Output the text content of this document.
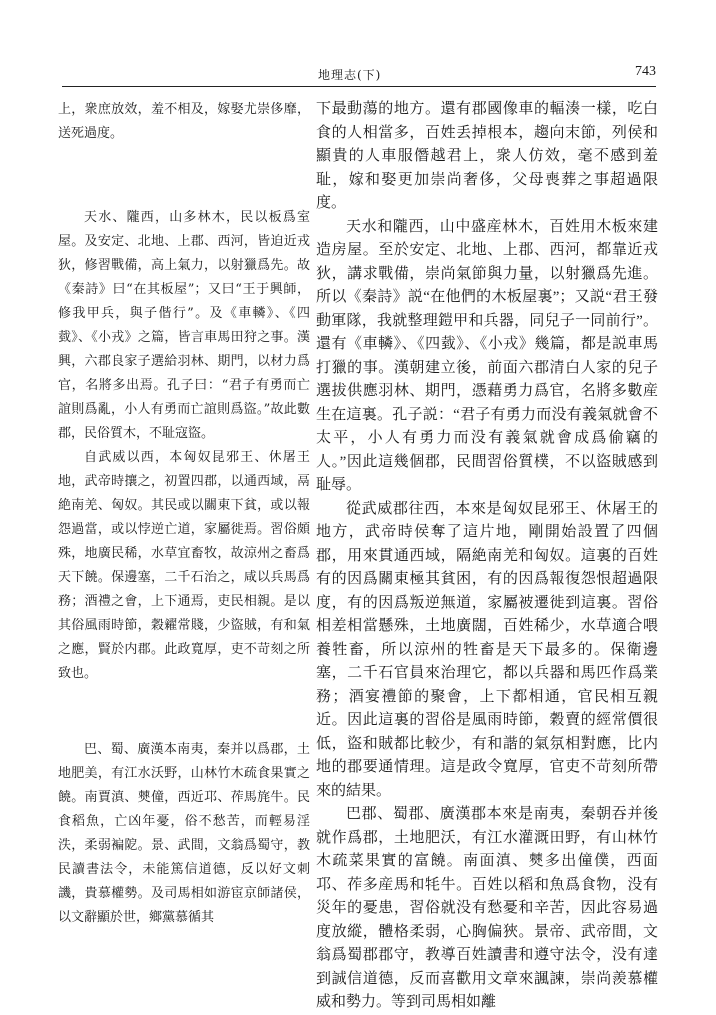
地理志(下)	743

上，衆庶放效，羞不相及，嫁娶尤崇侈靡，送死過度。

天水、隴西，山多林木，民以板爲室屋。及安定、北地、上郡、西河，皆迫近戎狄，修習戰備，高上氣力，以射獵爲先。故《秦詩》曰“在其板屋”；又曰“王于興師，修我甲兵，與子偕行”。及《車轔》、《四臷》、《小戎》之篇，皆言車馬田狩之事。漢興，六郡良家子選給羽林、期門，以材力爲官，名將多出焉。孔子曰：“君子有勇而亡誼則爲亂，小人有勇而亡誼則爲盜。”故此數郡，民俗質木，不耻寇盜。

自武威以西，本匈奴昆邪王、休屠王地，武帝時攘之，初置四郡，以通西域，鬲絶南羌、匈奴。其民或以關東下貧，或以報怨過當，或以悖逆亡道，家屬徙焉。習俗頗殊，地廣民稀，水草宜畜牧，故涼州之畜爲天下饒。保邊塞，二千石治之，咸以兵馬爲務；酒禮之會，上下通焉，吏民相親。是以其俗風雨時節，穀糴常賤，少盜賊，有和氣之應，賢於内郡。此政寬厚，吏不苛刻之所致也。

巴、蜀、廣漢本南夷，秦并以爲郡，土地肥美，有江水沃野，山林竹木疏食果實之饒。南賈滇、僰僮，西近邛、莋馬旄牛。民食稻魚，亡凶年憂，俗不愁苦，而輕易淫泆，柔弱褊阸。景、武間，文翁爲蜀守，教民讀書法令，未能篤信道德，反以好文刺譏，貴慕權勢。及司馬相如游宦京師諸侯，以文辭顯於世，鄉黨慕循其

下最動蕩的地方。還有郡國像車的輻湊一樣，吃白食的人相當多，百姓丢掉根本，趨向末節，列侯和顯貴的人車服僭越君上，衆人仿效，毫不感到羞耻，嫁和娶更加崇尚奢侈，父母喪葬之事超過限度。

天水和隴西，山中盛産林木，百姓用木板來建造房屋。至於安定、北地、上郡、西河，都靠近戎狄，講求戰備，崇尚氣節與力量，以射獵爲先進。所以《秦詩》説“在他們的木板屋裏”；又説“君王發動軍隊，我就整理鎧甲和兵器，同兒子一同前行”。還有《車轔》、《四臷》、《小戎》幾篇，都是説車馬打獵的事。漢朝建立後，前面六郡清白人家的兒子選拔供應羽林、期門，憑藉勇力爲官，名將多數産生在這裏。孔子説：“君子有勇力而没有義氣就會不太平，小人有勇力而没有義氣就會成爲偷竊的人。”因此這幾個郡，民間習俗質樸，不以盜賊感到耻辱。

從武威郡往西，本來是匈奴昆邪王、休屠王的地方，武帝時侯奪了這片地，剛開始設置了四個郡，用來貫通西域，隔絶南羌和匈奴。這裏的百姓有的因爲關東極其貧困，有的因爲報復怨恨超過限度，有的因爲叛逆無道，家屬被遷徙到這裏。習俗相差相當懸殊，土地廣闊，百姓稀少，水草適合喂養牲畜，所以涼州的牲畜是天下最多的。保衛邊塞，二千石官員來治理它，都以兵器和馬匹作爲業務；酒宴禮節的聚會，上下都相通，官民相互親近。因此這裏的習俗是風雨時節，穀賣的經常價很低，盜和賊都比較少，有和諧的氣氛相對應，比内地的郡要通情理。這是政令寬厚，官吏不苛刻所帶來的結果。

巴郡、蜀郡、廣漢郡本來是南夷，秦朝吞并後就作爲郡，土地肥沃，有江水灌溉田野，有山林竹木疏菜果實的富饒。南面滇、僰多出僮僕，西面邛、莋多産馬和牦牛。百姓以稻和魚爲食物，没有災年的憂患，習俗就没有愁憂和辛苦，因此容易過度放縱，體格柔弱，心胸偏狹。景帝、武帝間，文翁爲蜀郡郡守，教導百姓讀書和遵守法令，没有達到誠信道德，反而喜歡用文章來諷諫，崇尚羨慕權威和勢力。等到司馬相如離
